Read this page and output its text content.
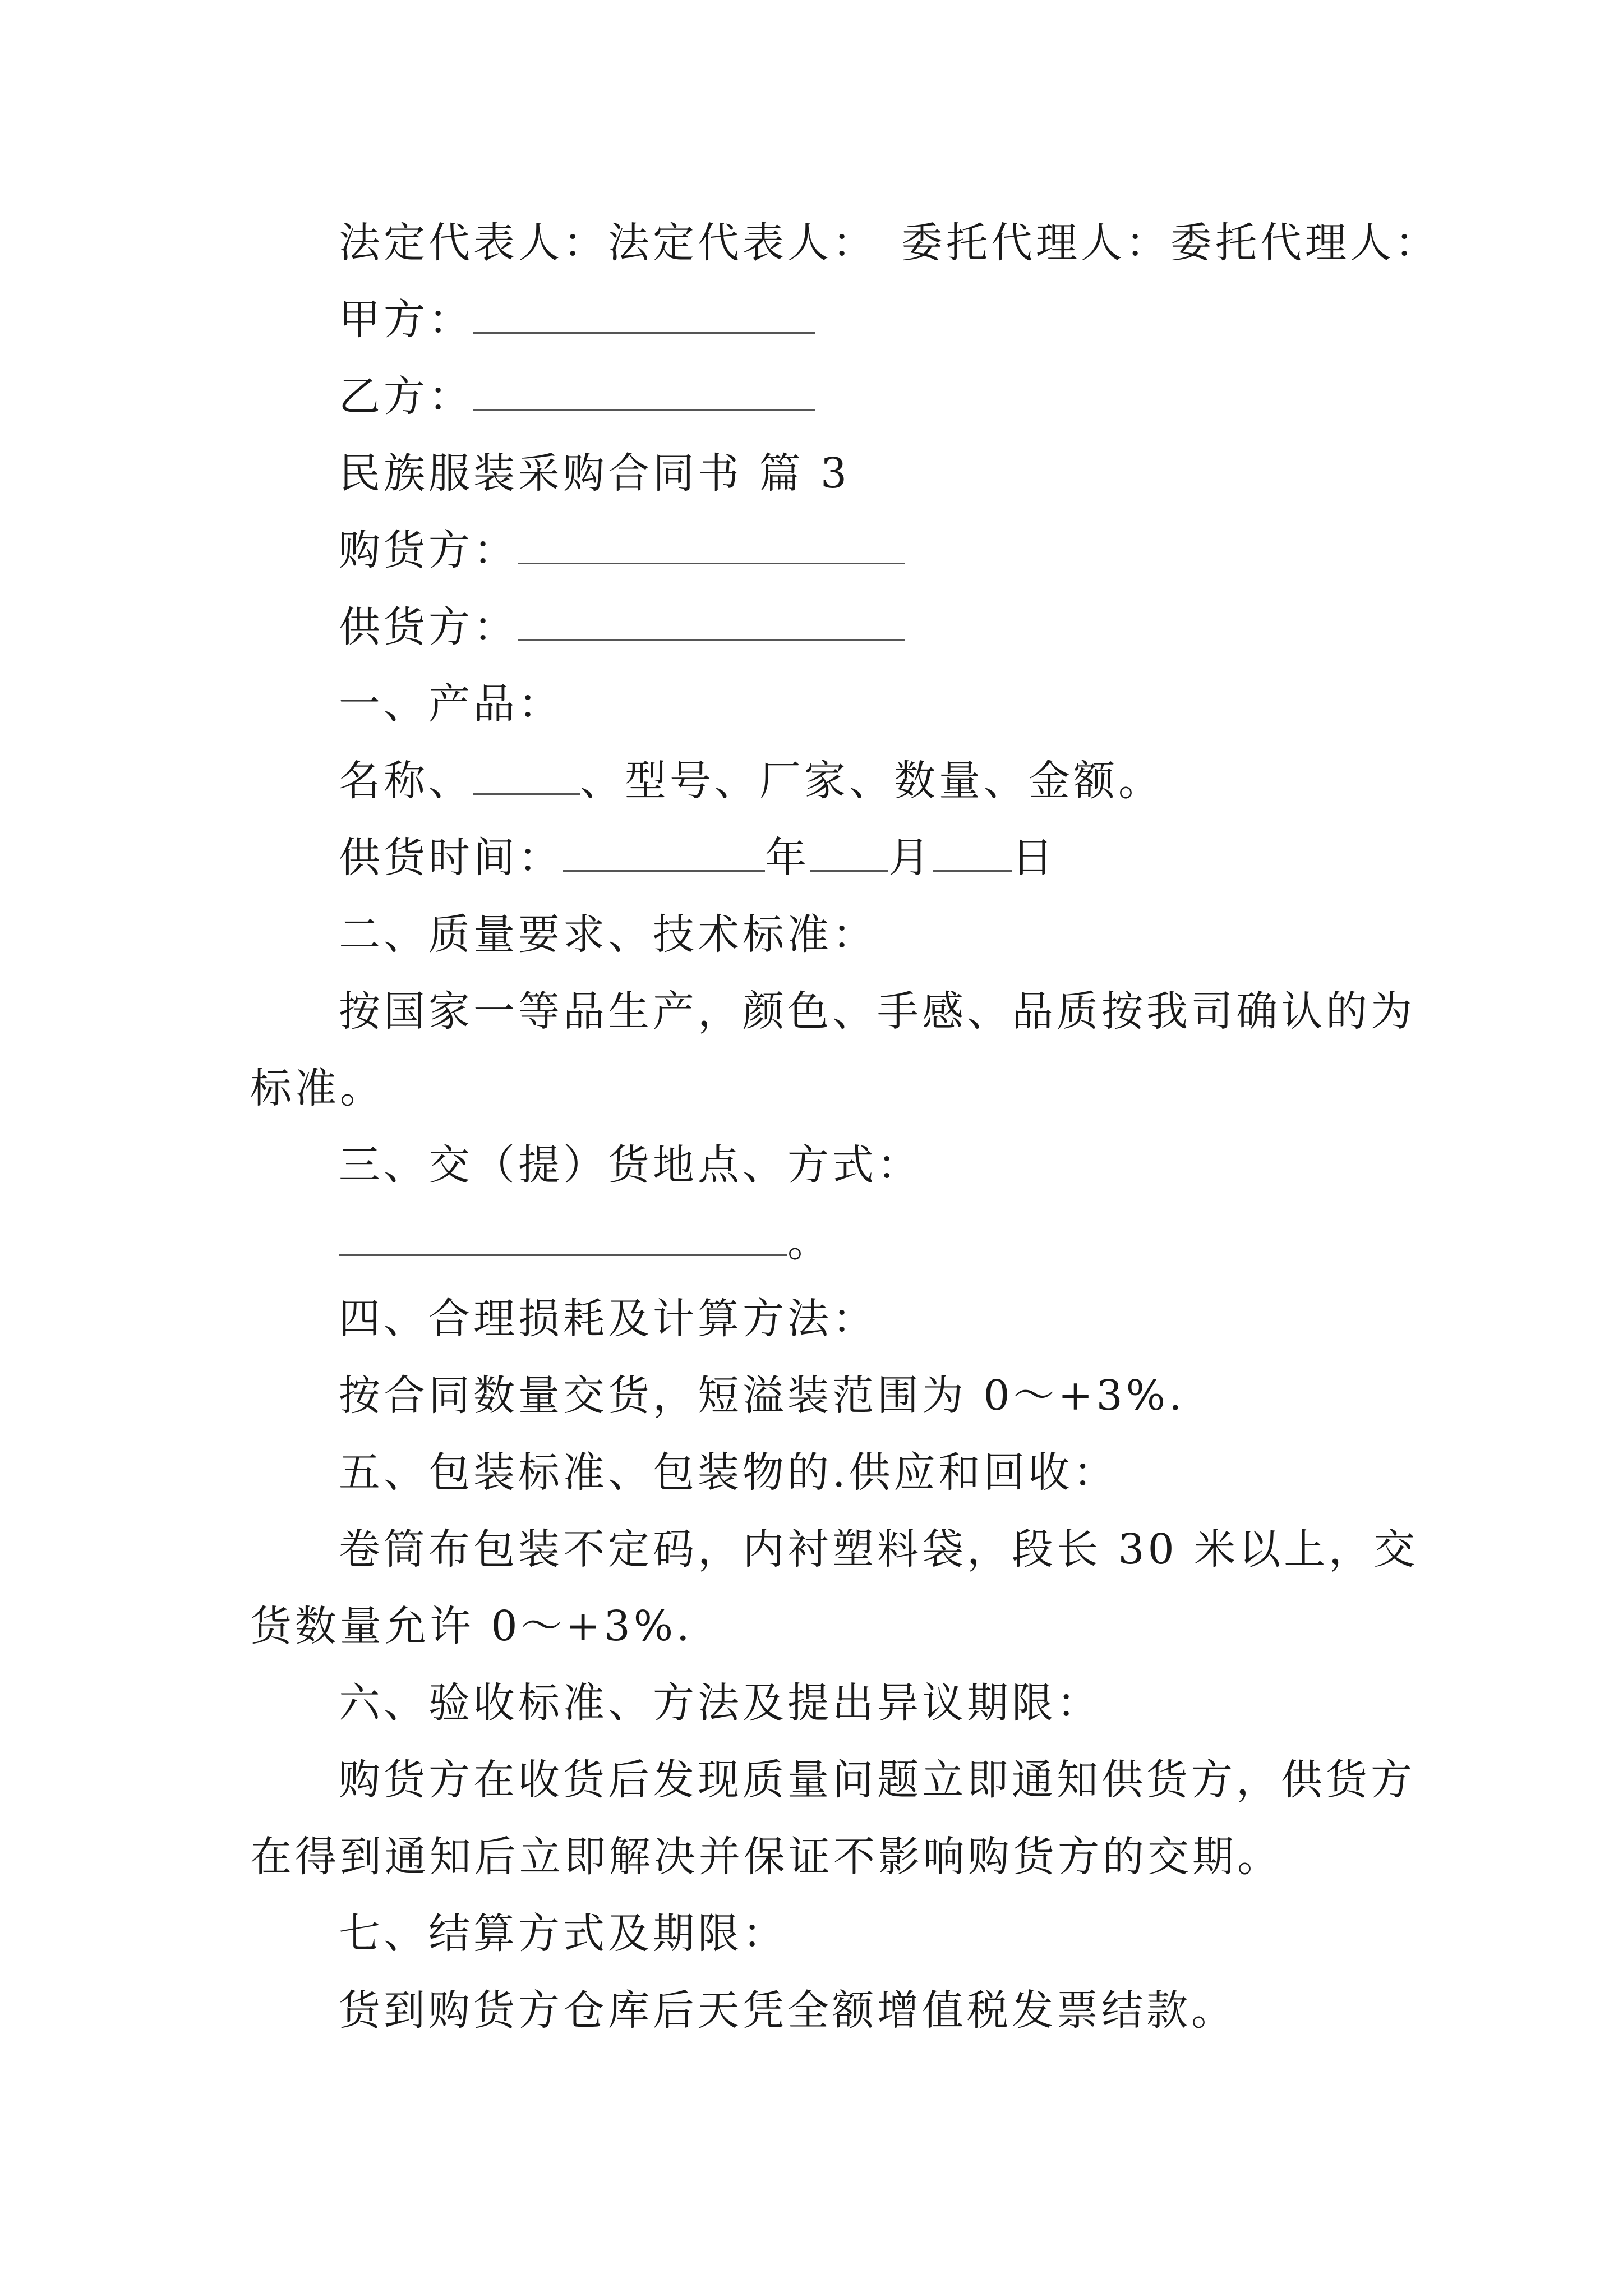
法定代表人：法定代表人：　委托代理人：委托代理人：
甲方：
乙方：
民族服装采购合同书 篇 3
购货方：
供货方：
一、产品：
名称、	、型号、厂家、数量、金额。
供货时间：	年 月 日
二、质量要求、技术标准：
按国家一等品生产，颜色、手感、品质按我司确认的为
标准。
三、交（提）货地点、方式：
。
四、合理损耗及计算方法：
按合同数量交货，短溢装范围为 0～+3%.
五、包装标准、包装物的.供应和回收：
卷筒布包装不定码，内衬塑料袋，段长 30 米以上，交
货数量允许 0～+3%.
六、验收标准、方法及提出异议期限：
购货方在收货后发现质量问题立即通知供货方，供货方
在得到通知后立即解决并保证不影响购货方的交期。
七、结算方式及期限：
货到购货方仓库后天凭全额增值税发票结款。
